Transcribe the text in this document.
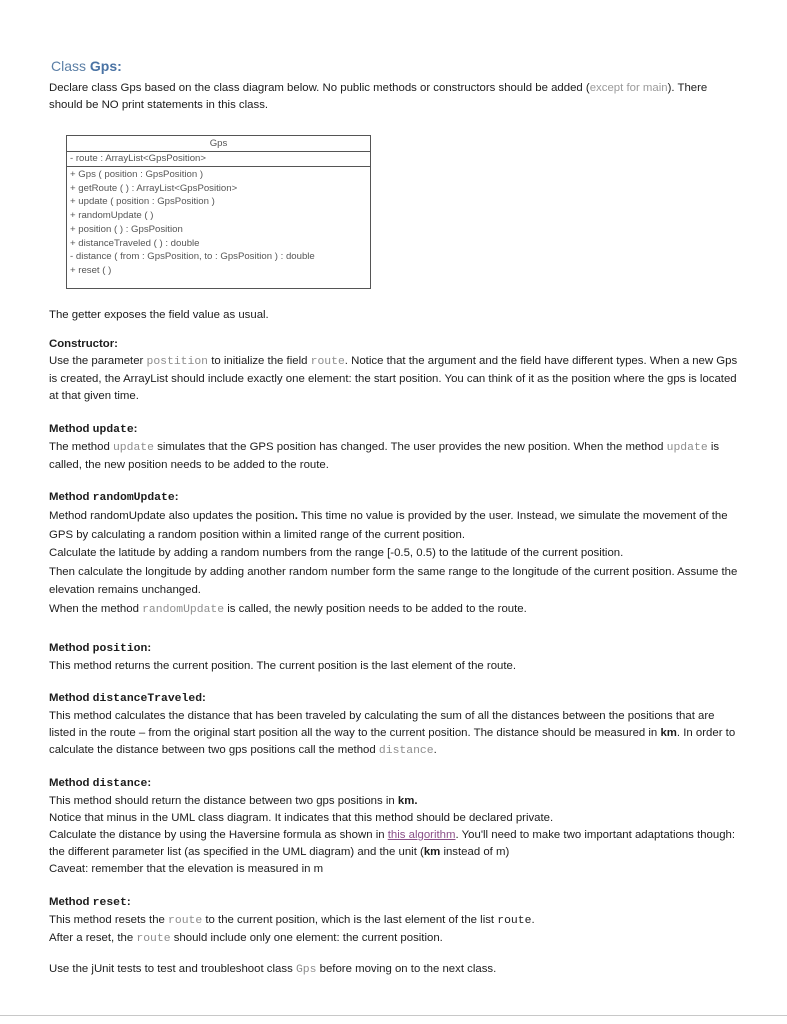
Class Gps:

Declare class Gps based on the class diagram below. No public methods or constructors should be added (except for main). There should be NO print statements in this class.

Gps
- route : ArrayList<GpsPosition>
+ Gps ( position : GpsPosition )
+ getRoute ( ) : ArrayList<GpsPosition>
+ update ( position : GpsPosition )
+ randomUpdate ( )
+ position ( ) : GpsPosition
+ distanceTraveled ( ) : double
- distance ( from : GpsPosition, to : GpsPosition ) : double
+ reset ( )

The getter exposes the field value as usual.

Constructor:

Use the parameter postition to initialize the field route. Notice that the argument and the field have different types. When a new Gps is created, the ArrayList should include exactly one element: the start position. You can think of it as the position where the gps is located at that given time.

Method update:

The method update simulates that the GPS position has changed. The user provides the new position. When the method update is called, the new position needs to be added to the route.

Method randomUpdate:

Method randomUpdate also updates the position. This time no value is provided by the user. Instead, we simulate the movement of the GPS by calculating a random position within a limited range of the current position.

Calculate the latitude by adding a random numbers from the range [-0.5, 0.5) to the latitude of the current position.

Then calculate the longitude by adding another random number form the same range to the longitude of the current position. Assume the elevation remains unchanged.

When the method randomUpdate is called, the newly position needs to be added to the route.

Method position:

This method returns the current position. The current position is the last element of the route.

Method distanceTraveled:

This method calculates the distance that has been traveled by calculating the sum of all the distances between the positions that are listed in the route – from the original start position all the way to the current position. The distance should be measured in km. In order to calculate the distance between two gps positions call the method distance.

Method distance:

This method should return the distance between two gps positions in km.

Notice that minus in the UML class diagram. It indicates that this method should be declared private.

Calculate the distance by using the Haversine formula as shown in this algorithm. You'll need to make two important adaptations though: the different parameter list (as specified in the UML diagram) and the unit (km instead of m)

Caveat: remember that the elevation is measured in m

Method reset:

This method resets the route to the current position, which is the last element of the list route.

After a reset, the route should include only one element: the current position.

Use the jUnit tests to test and troubleshoot class Gps before moving on to the next class.
